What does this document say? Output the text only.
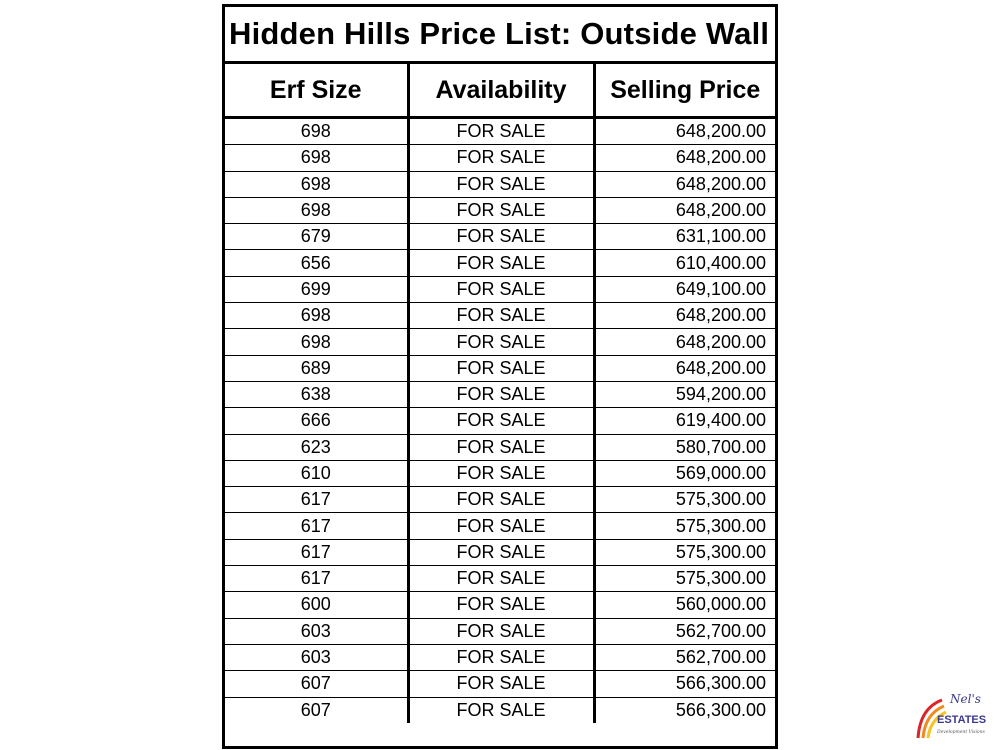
Hidden Hills Price List: Outside Wall
Erf Size	Availability	Selling Price
698	FOR SALE	648,200.00
698	FOR SALE	648,200.00
698	FOR SALE	648,200.00
698	FOR SALE	648,200.00
679	FOR SALE	631,100.00
656	FOR SALE	610,400.00
699	FOR SALE	649,100.00
698	FOR SALE	648,200.00
698	FOR SALE	648,200.00
689	FOR SALE	648,200.00
638	FOR SALE	594,200.00
666	FOR SALE	619,400.00
623	FOR SALE	580,700.00
610	FOR SALE	569,000.00
617	FOR SALE	575,300.00
617	FOR SALE	575,300.00
617	FOR SALE	575,300.00
617	FOR SALE	575,300.00
600	FOR SALE	560,000.00
603	FOR SALE	562,700.00
603	FOR SALE	562,700.00
607	FOR SALE	566,300.00
607	FOR SALE	566,300.00
Nel's
ESTATES
Development Visions
